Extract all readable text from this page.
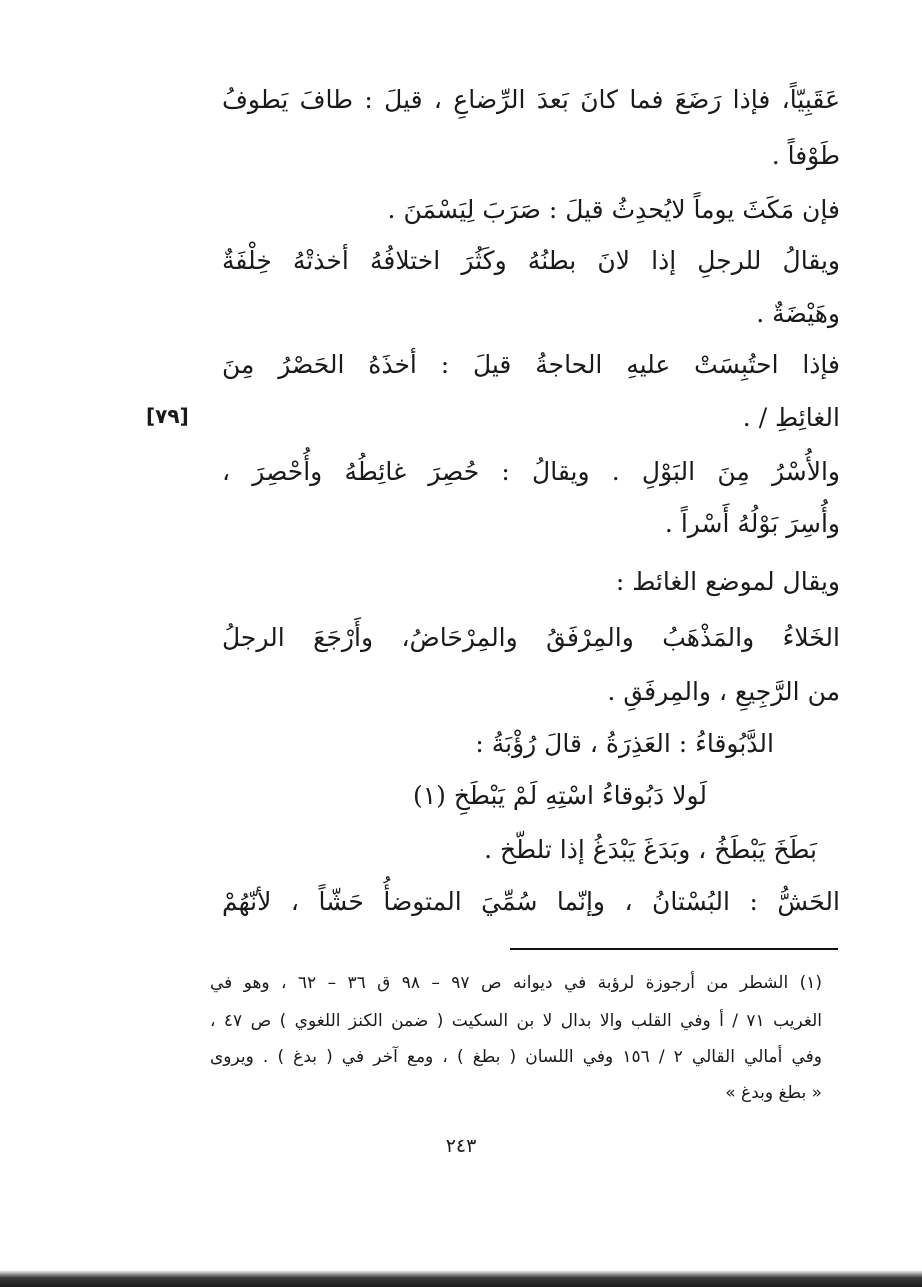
عَقَبِيّاً، فإذا رَضَعَ فما كانَ بَعدَ الرِّضاعِ ، قيلَ : طافَ يَطوفُ
طَوْفاً .
فإن مَكَثَ يوماً لايُحدِثُ قيلَ : صَرَبَ لِيَسْمَنَ .
ويقالُ للرجلِ إذا لانَ بطنُهُ وكَثُرَ اختلافُهُ أخذتْهُ خِلْفَةٌ
وهَيْضَةٌ .
فإذا احتُبِسَتْ عليهِ الحاجةُ قيلَ : أخذَهُ الحَصْرُ مِنَ
الغائِطِ / .
[٧٩]
والأُسْرُ مِنَ البَوْلِ . ويقالُ : حُصِرَ غائِطُهُ وأُحْصِرَ ،
وأُسِرَ بَوْلُهُ أَسْراً .
ويقال لموضع الغائط :
الخَلاءُ والمَذْهَبُ والمِرْفَقُ والمِرْحَاضُ، وأَرْجَعَ الرجلُ
من الرَّجِيعِ ، والمِرفَقِ .
الدَّبُوقاءُ : العَذِرَةُ ، قالَ رُؤْبَةُ :
لَولا دَبُوقاءُ اسْتِهِ لَمْ يَبْطَخِ (١)
بَطَخَ يَبْطَخُ ، وبَدَغَ يَبْدَغُ إذا تلطّخ .
الحَشُّ : البُسْتانُ ، وإنّما سُمِّيَ المتوضأُ حَشّاً ، لأنّهُمْ
(١) الشطر من أرجوزة لرؤبة في ديوانه ص ٩٧ – ٩٨ ق ٣٦ – ٦٢ ، وهو في
الغريب ٧١ / أ وفي القلب والا بدال لا بن السكيت ( ضمن الكنز اللغوي ) ص ٤٧ ،
وفي أمالي القالي ٢ / ١٥٦ وفي اللسان ( بطغ ) ، ومع آخر في ( بدغ ) . ويروى
« بطغ وبدغ »
٢٤٣
